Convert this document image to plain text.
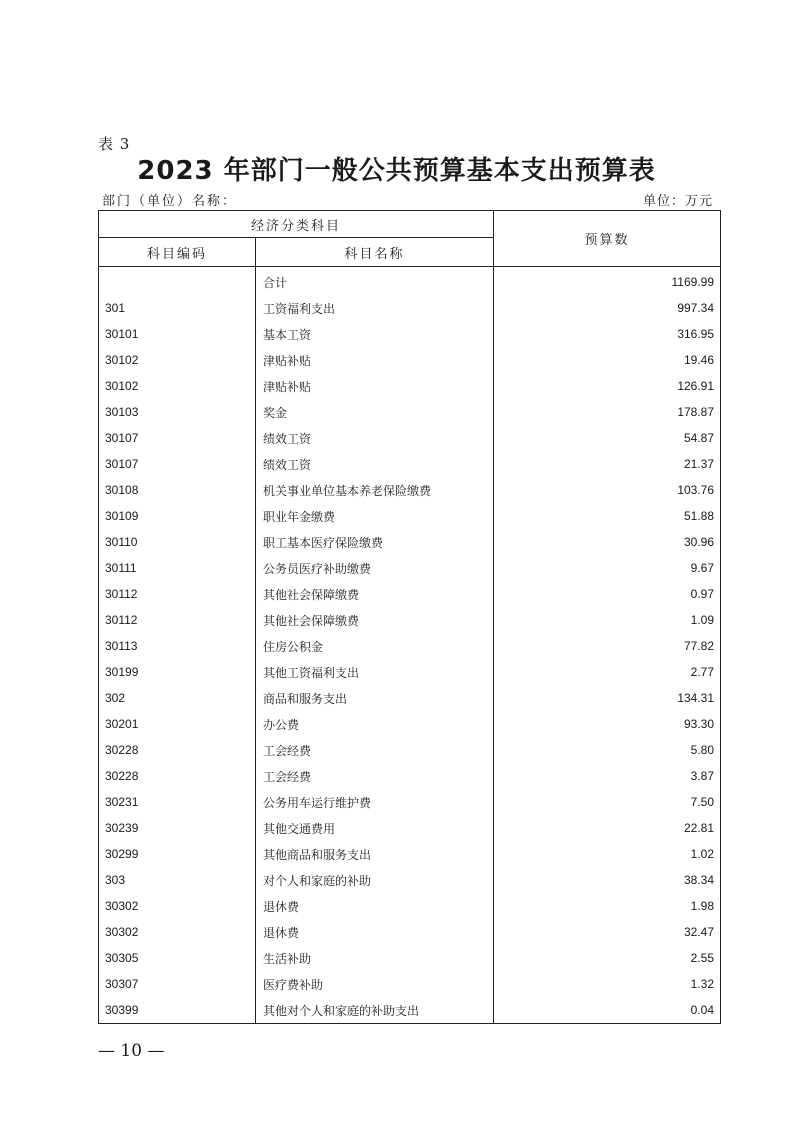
表 3
2023 年部门一般公共预算基本支出预算表
部门（单位）名称：	单位：万元
经济分类科目		预算数
科目编码	科目名称	
	合计	1169.99
301	工资福利支出	997.34
30101	基本工资	316.95
30102	津贴补贴	19.46
30102	津贴补贴	126.91
30103	奖金	178.87
30107	绩效工资	54.87
30107	绩效工资	21.37
30108	机关事业单位基本养老保险缴费	103.76
30109	职业年金缴费	51.88
30110	职工基本医疗保险缴费	30.96
30111	公务员医疗补助缴费	9.67
30112	其他社会保障缴费	0.97
30112	其他社会保障缴费	1.09
30113	住房公积金	77.82
30199	其他工资福利支出	2.77
302	商品和服务支出	134.31
30201	办公费	93.30
30228	工会经费	5.80
30228	工会经费	3.87
30231	公务用车运行维护费	7.50
30239	其他交通费用	22.81
30299	其他商品和服务支出	1.02
303	对个人和家庭的补助	38.34
30302	退休费	1.98
30302	退休费	32.47
30305	生活补助	2.55
30307	医疗费补助	1.32
30399	其他对个人和家庭的补助支出	0.04
— 10 —
